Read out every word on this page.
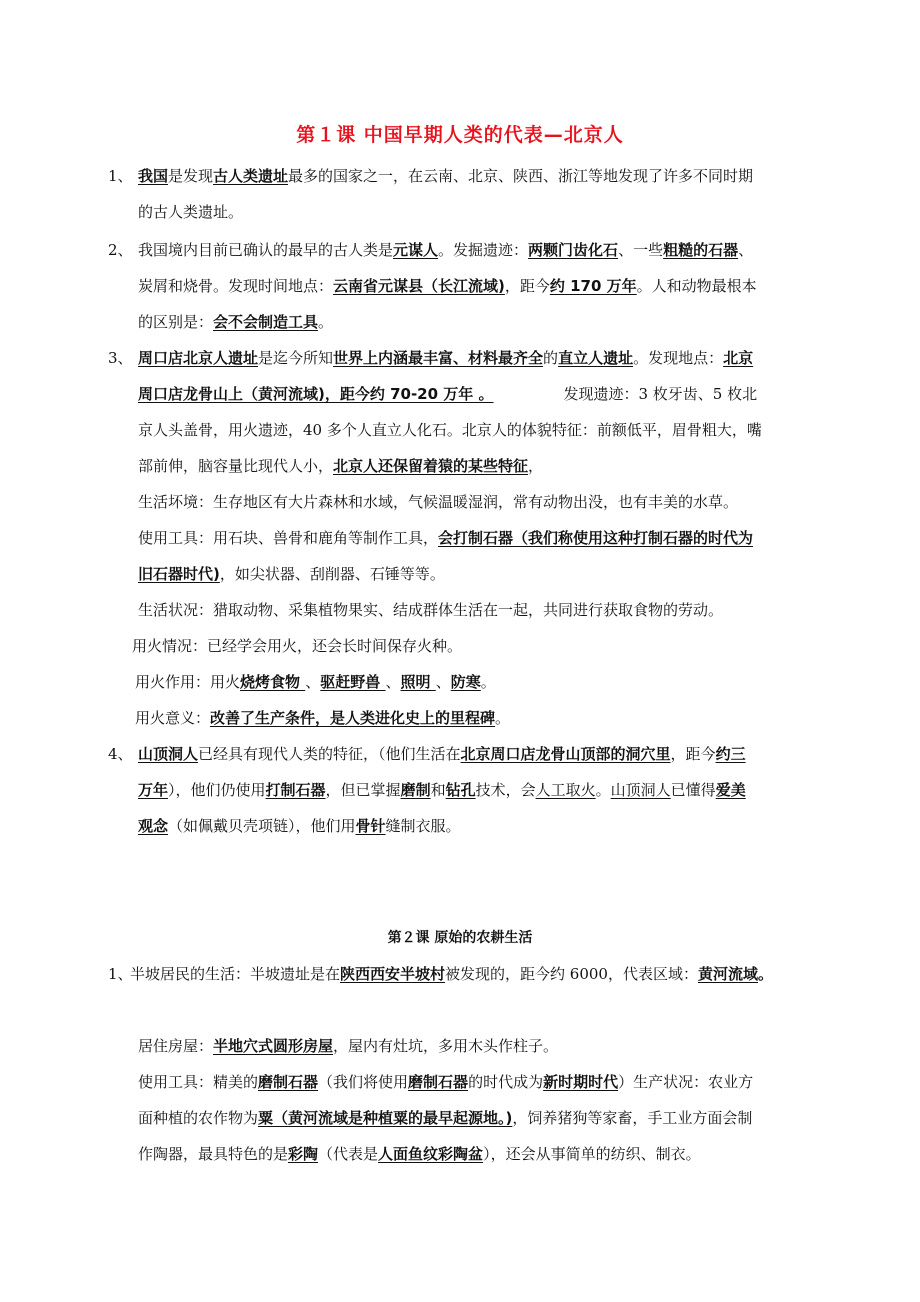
第１课 中国早期人类的代表—北京人
1、 我国是发现古人类遗址最多的国家之一，在云南、北京、陕西、浙江等地发现了许多不同时期
的古人类遗址。
2、 我国境内目前已确认的最早的古人类是元谋人。发掘遗迹：两颗门齿化石、一些粗糙的石器、
炭屑和烧骨。发现时间地点：云南省元谋县（长江流域)，距今约 170 万年。人和动物最根本
的区别是：会不会制造工具。
3、 周口店北京人遗址是迄今所知世界上内涵最丰富、材料最齐全的直立人遗址。发现地点：北京
周口店龙骨山上（黄河流域)，距今约 70-20 万年 。	发现遗迹：3 枚牙齿、5 枚北
京人头盖骨，用火遗迹，40 多个人直立人化石。北京人的体貌特征：前额低平，眉骨粗大，嘴
部前伸，脑容量比现代人小，北京人还保留着猿的某些特征，
生活坏境：生存地区有大片森林和水域，气候温暖湿润，常有动物出没，也有丰美的水草。
使用工具：用石块、兽骨和鹿角等制作工具，会打制石器（我们称使用这种打制石器的时代为
旧石器时代)，如尖状器、刮削器、石锤等等。
生活状况：猎取动物、采集植物果实、结成群体生活在一起，共同进行获取食物的劳动。
用火情况：已经学会用火，还会长时间保存火种。
用火作用：用火烧烤食物 、驱赶野兽 、照明 、防寒。
用火意义：改善了生产条件，是人类进化史上的里程碑。
4、 山顶洞人已经具有现代人类的特征，（他们生活在北京周口店龙骨山顶部的洞穴里，距今约三
万年），他们仍使用打制石器，但已掌握磨制和钻孔技术，会人工取火。山顶洞人已懂得爱美
观念（如佩戴贝壳项链），他们用骨针缝制衣服。
第２课 原始的农耕生活
1、
半坡居民的生活：半坡遗址是在陕西西安半坡村被发现的，距今约 6000，代表区域：黄河流域。
居住房屋：半地穴式圆形房屋，屋内有灶坑，多用木头作柱子。
使用工具：精美的磨制石器（我们将使用磨制石器的时代成为新时期时代）生产状况：农业方
面种植的农作物为粟（黄河流域是种植粟的最早起源地。)，饲养猪狗等家畜，手工业方面会制
作陶器，最具特色的是彩陶（代表是人面鱼纹彩陶盆），还会从事简单的纺织、制衣。
